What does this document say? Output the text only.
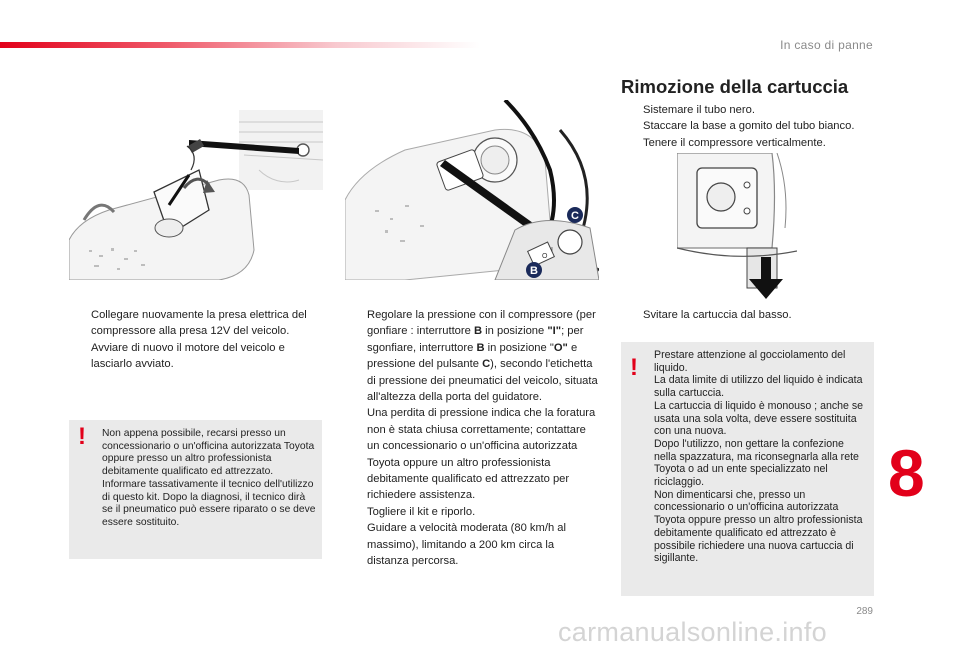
In caso di panne
C
B
O
I
Collegare nuovamente la presa elettrica del compressore alla presa 12V del veicolo.
Avviare di nuovo il motore del veicolo e lasciarlo avviato.
! Non appena possibile, recarsi presso un concessionario o un'officina autorizzata Toyota oppure presso un altro professionista debitamente qualificato ed attrezzato.
Informare tassativamente il tecnico dell'utilizzo di questo kit. Dopo la diagnosi, il tecnico dirà se il pneumatico può essere riparato o se deve essere sostituito.
Regolare la pressione con il compressore (per gonfiare : interruttore B in posizione "I"; per sgonfiare, interruttore B in posizione "O" e pressione del pulsante C), secondo l'etichetta di pressione dei pneumatici del veicolo, situata all'altezza della porta del guidatore.
Una perdita di pressione indica che la foratura non è stata chiusa correttamente; contattare un concessionario o un'officina autorizzata Toyota oppure un altro professionista debitamente qualificato ed attrezzato per richiedere assistenza.
Togliere il kit e riporlo.
Guidare a velocità moderata (80 km/h al massimo), limitando a 200 km circa la distanza percorsa.
Rimozione della cartuccia
Sistemare il tubo nero.
Staccare la base a gomito del tubo bianco.
Tenere il compressore verticalmente.
Svitare la cartuccia dal basso.
! Prestare attenzione al gocciolamento del liquido.
La data limite di utilizzo del liquido è indicata sulla cartuccia.
La cartuccia di liquido è monouso ; anche se usata una sola volta, deve essere sostituita con una nuova.
Dopo l'utilizzo, non gettare la confezione nella spazzatura, ma riconsegnarla alla rete Toyota o ad un ente specializzato nel riciclaggio.
Non dimenticarsi che, presso un concessionario o un'officina autorizzata Toyota oppure presso un altro professionista debitamente qualificato ed attrezzato è possibile richiedere una nuova cartuccia di sigillante.
8
289
carmanualsonline.info
